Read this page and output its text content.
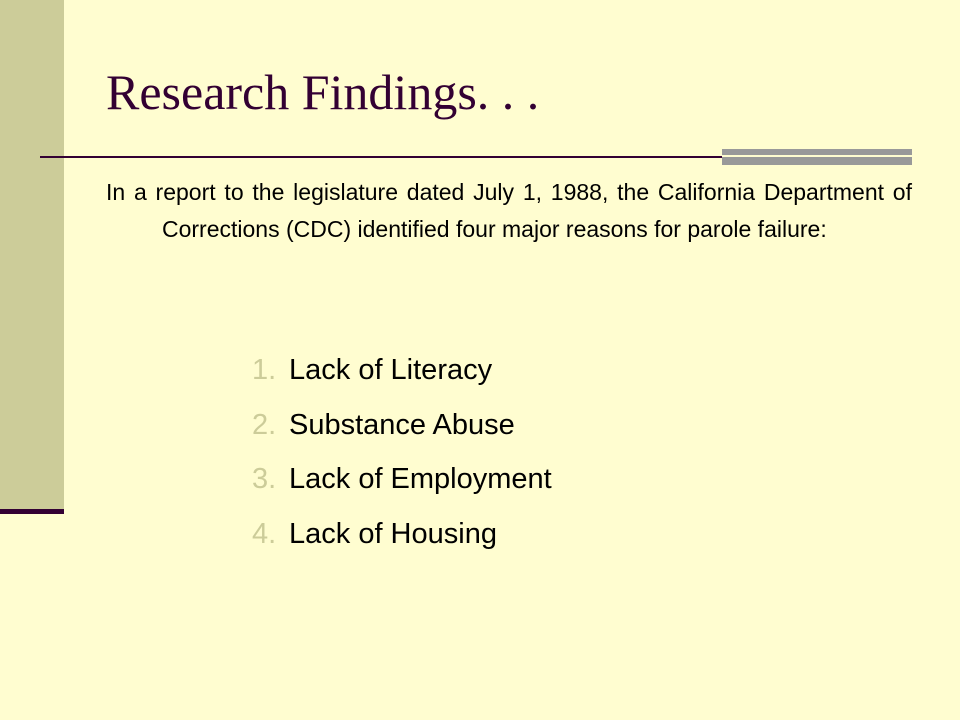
Research Findings. . .

In a report to the legislature dated July 1, 1988, the California Department of Corrections (CDC) identified four major reasons for parole failure:

1. Lack of Literacy
2. Substance Abuse
3. Lack of Employment
4. Lack of Housing
